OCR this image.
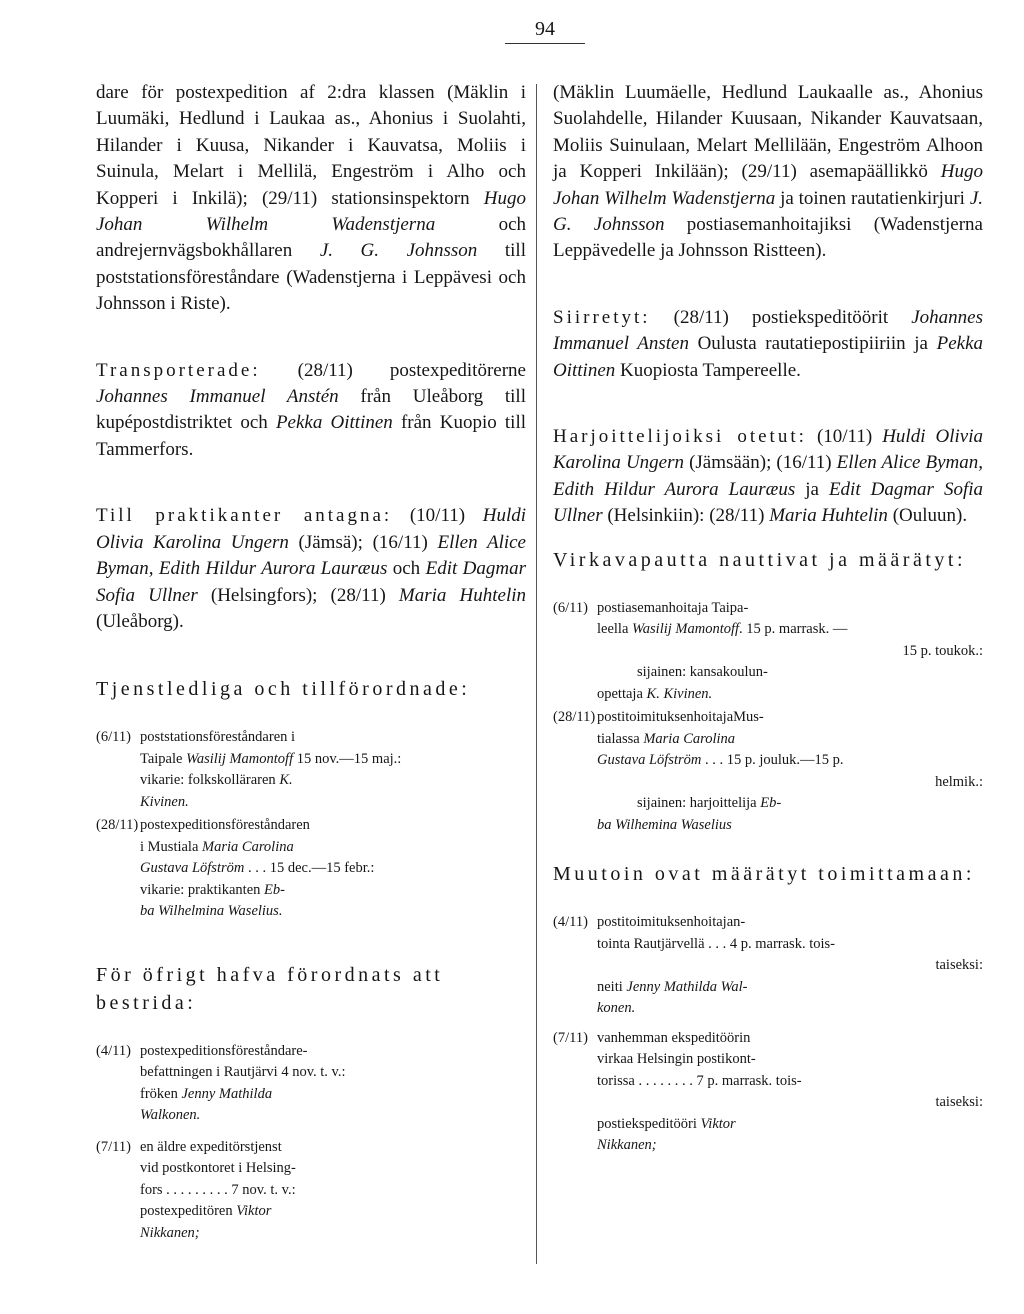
94

dare för postexpedition af 2:dra klassen (Mäklin i Luumäki, Hedlund i Laukaa as., Ahonius i Suolahti, Hilander i Kuusa, Nikander i Kauvatsa, Moliis i Suinula, Melart i Mellilä, Engeström i Alho och Kopperi i Inkilä); (29/11) stationsinspektorn Hugo Johan Wilhelm Wadenstjerna	och andrejernvägsbokhållaren J. G. Johnsson till poststationsföreståndare (Wadenstjerna i Leppävesi och Johnsson i Riste).

Transporterade: (28/11) postexpeditörerne Johannes Immanuel Anstén från Uleåborg till kupépostdistriktet och Pekka Oittinen från Kuopio till Tammerfors.

Till praktikanter antagna: (10/11) Huldi Olivia Karolina Ungern (Jämsä); (16/11) Ellen Alice Byman, Edith Hildur Aurora Lauræus och Edit Dagmar Sofia Ullner (Helsingfors); (28/11) Maria Huhtelin (Uleåborg).

Tjenstledliga och tillförordnade:

(6/11) poststationsföreståndaren i
Taipale Wasilij Mamontoff 15 nov.—15 maj.:
vikarie: folkskolläraren K.
Kivinen.
(28/11) postexpeditionsföreståndaren
i Mustiala Maria Carolina
Gustava Löfström . . . 15 dec.—15 febr.:
vikarie: praktikanten Eb-
ba Wilhelmina Waselius.

För öfrigt hafva förordnats att bestrida:

(4/11) postexpeditionsföreståndare-
befattningen i Rautjärvi 4 nov. t. v.:
fröken Jenny Mathilda
Walkonen.
(7/11) en äldre expeditörstjenst
vid postkontoret i Helsing-
fors . . . . . . . . . 7 nov. t. v.:
postexpeditören Viktor
Nikkanen;

(Mäklin Luumäelle, Hedlund Laukaalle as., Ahonius Suolahdelle, Hilander Kuusaan, Nikander Kauvatsaan, Moliis Suinulaan, Melart Mellilään, Engeström Alhoon ja Kopperi Inkilään); (29/11) asemapäällikkö Hugo Johan Wilhelm Wadenstjerna ja toinen rautatienkirjuri J. G. Johnsson postiasemanhoitajiksi (Wadenstjerna Leppävedelle ja Johnsson Ristteen).

Siirretyt: (28/11) postiekspeditöörit Johannes Immanuel Ansten Oulusta rautatiepostipiiriin ja Pekka Oittinen Kuopiosta Tampereelle.

Harjoittelijoiksi otetut: (10/11) Huldi Olivia Karolina Ungern (Jämsään); (16/11) Ellen Alice Byman, Edith Hildur Aurora Lauræus ja Edit Dagmar Sofia Ullner (Helsinkiin): (28/11) Maria Huhtelin (Ouluun).

Virkavapautta nauttivat ja määrätyt:

(6/11) postiasemanhoitaja Taipa-
leella Wasilij Mamontoff. 15 p. marrask. —
15 p. toukok.:
sijainen: kansakoulun-
opettaja K. Kivinen.
(28/11) postitoimituksenhoitajaMus-
tialassa Maria Carolina
Gustava Löfström . . . 15 p. jouluk.—15 p.
helmik.:
sijainen: harjoittelija Eb-
ba Wilhemina Waselius

Muutoin ovat määrätyt toimittamaan:

(4/11) postitoimituksenhoitajan-
tointa Rautjärvellä . . . 4 p. marrask. tois-
taiseksi:
neiti Jenny Mathilda Wal-
konen.
(7/11) vanhemman ekspeditöörin
virkaa Helsingin postikont-
torissa . . . . . . . . 7 p. marrask. tois-
taiseksi:
postiekspeditööri Viktor
Nikkanen;
